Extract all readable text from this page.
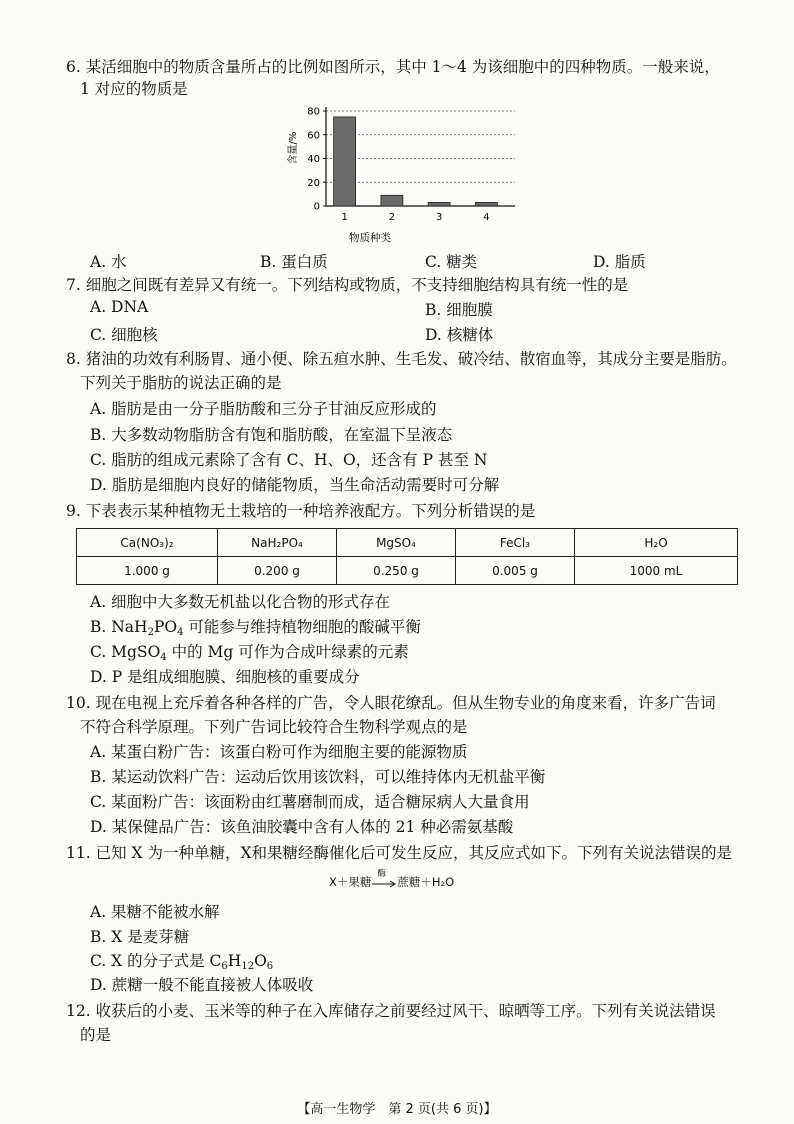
6. 某活细胞中的物质含量所占的比例如图所示，其中 1～4 为该细胞中的四种物质。一般来说，
1 对应的物质是
0
20
40
60
80
1	2	3	4
含量/%
物质种类
A. 水	B. 蛋白质	C. 糖类	D. 脂质
7. 细胞之间既有差异又有统一。下列结构或物质，不支持细胞结构具有统一性的是
A. DNA	B. 细胞膜
C. 细胞核	D. 核糖体
8. 猪油的功效有利肠胃、通小便、除五疸水肿、生毛发、破冷结、散宿血等，其成分主要是脂肪。
下列关于脂肪的说法正确的是
A. 脂肪是由一分子脂肪酸和三分子甘油反应形成的
B. 大多数动物脂肪含有饱和脂肪酸，在室温下呈液态
C. 脂肪的组成元素除了含有 C、H、O，还含有 P 甚至 N
D. 脂肪是细胞内良好的储能物质，当生命活动需要时可分解
9. 下表表示某种植物无土栽培的一种培养液配方。下列分析错误的是
Ca(NO₃)₂	NaH₂PO₄	MgSO₄	FeCl₃	H₂O
1.000 g	0.200 g	0.250 g	0.005 g	1000 mL
A. 细胞中大多数无机盐以化合物的形式存在
B. $NaH_2PO_4$ 可能参与维持植物细胞的酸碱平衡
C. MgSO$_4$ 中的 Mg 可作为合成叶绿素的元素
D. P 是组成细胞膜、细胞核的重要成分
10. 现在电视上充斥着各种各样的广告，令人眼花缭乱。但从生物专业的角度来看，许多广告词
不符合科学原理。下列广告词比较符合生物科学观点的是
A. 某蛋白粉广告：该蛋白粉可作为细胞主要的能源物质
B. 某运动饮料广告：运动后饮用该饮料，可以维持体内无机盐平衡
C. 某面粉广告：该面粉由红薯磨制而成，适合糖尿病人大量食用
D. 某保健品广告：该鱼油胶囊中含有人体的 21 种必需氨基酸
11. 已知 X 为一种单糖，X和果糖经酶催化后可发生反应，其反应式如下。下列有关说法错误的是
X＋果糖
酶
蔗糖＋H₂O
A. 果糖不能被水解
B. X 是麦芽糖
C. X 的分子式是 $C_6H_{12}O_6$
D. 蔗糖一般不能直接被人体吸收
12. 收获后的小麦、玉米等的种子在入库储存之前要经过风干、晾晒等工序。下列有关说法错误
的是
【高一生物学　第 2 页(共 6 页)】
